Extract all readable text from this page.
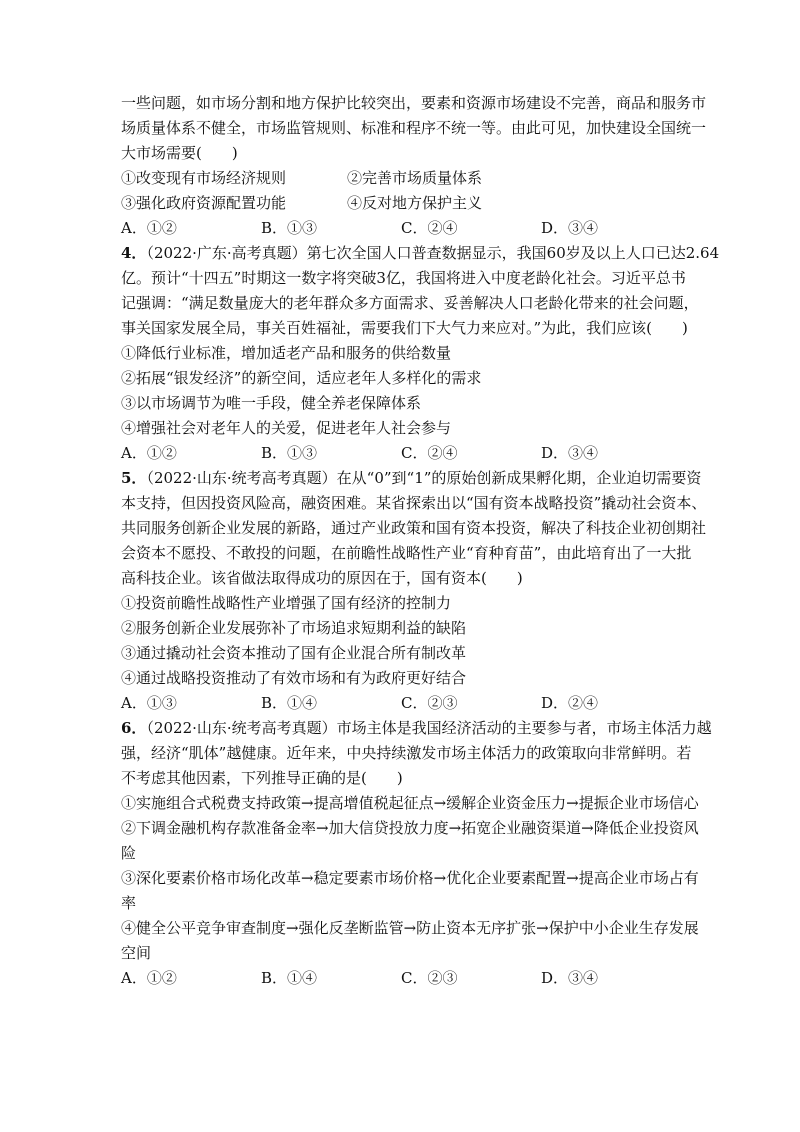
一些问题，如市场分割和地方保护比较突出，要素和资源市场建设不完善，商品和服务市
场质量体系不健全，市场监管规则、标准和程序不统一等。由此可见，加快建设全国统一
大市场需要(　　)
①改变现有市场经济规则	②完善市场质量体系
③强化政府资源配置功能	④反对地方保护主义
A．①②	B．①③	C．②④	D．③④
4．（2022·广东·高考真题）第七次全国人口普查数据显示，我国60岁及以上人口已达2.64
亿。预计“十四五”时期这一数字将突破3亿，我国将进入中度老龄化社会。习近平总书
记强调：“满足数量庞大的老年群众多方面需求、妥善解决人口老龄化带来的社会问题，
事关国家发展全局，事关百姓福祉，需要我们下大气力来应对。”为此，我们应该(　　)
①降低行业标准，增加适老产品和服务的供给数量
②拓展“银发经济”的新空间，适应老年人多样化的需求
③以市场调节为唯一手段，健全养老保障体系
④增强社会对老年人的关爱，促进老年人社会参与
A．①②	B．①③	C．②④	D．③④
5．（2022·山东·统考高考真题）在从“0”到“1”的原始创新成果孵化期，企业迫切需要资
本支持，但因投资风险高，融资困难。某省探索出以“国有资本战略投资”撬动社会资本、
共同服务创新企业发展的新路，通过产业政策和国有资本投资，解决了科技企业初创期社
会资本不愿投、不敢投的问题，在前瞻性战略性产业“育种育苗”，由此培育出了一大批
高科技企业。该省做法取得成功的原因在于，国有资本(　　)
①投资前瞻性战略性产业增强了国有经济的控制力
②服务创新企业发展弥补了市场追求短期利益的缺陷
③通过撬动社会资本推动了国有企业混合所有制改革
④通过战略投资推动了有效市场和有为政府更好结合
A．①③	B．①④	C．②③	D．②④
6．（2022·山东·统考高考真题）市场主体是我国经济活动的主要参与者，市场主体活力越
强，经济“肌体”越健康。近年来，中央持续激发市场主体活力的政策取向非常鲜明。若
不考虑其他因素，下列推导正确的是(　　)
①实施组合式税费支持政策→提高增值税起征点→缓解企业资金压力→提振企业市场信心
②下调金融机构存款准备金率→加大信贷投放力度→拓宽企业融资渠道→降低企业投资风
险
③深化要素价格市场化改革→稳定要素市场价格→优化企业要素配置→提高企业市场占有
率
④健全公平竞争审查制度→强化反垄断监管→防止资本无序扩张→保护中小企业生存发展
空间
A．①②	B．①④	C．②③	D．③④
